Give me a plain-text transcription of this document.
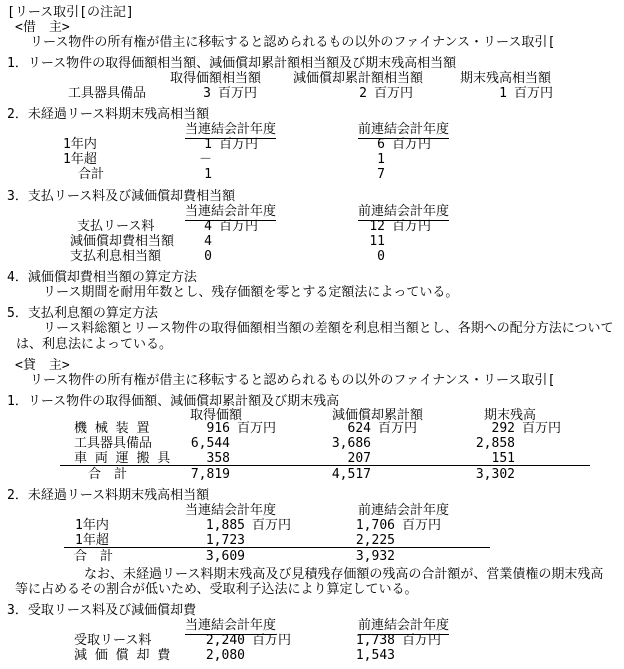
[リース取引[の注記]
<借　主>
リース物件の所有権が借主に移転すると認められるもの以外のファイナンス・リース取引[
1．リース物件の取得価額相当額、減価償却累計額相当額及び期末残高相当額
取得価額相当額 減価償却累計額相当額	期末残高相当額
工具器具備品	3 百万円	2 百万円	1 百万円
2．未経過リース料期末残高相当額
当連結会計年度	前連結会計年度
1年内	1 百万円	6 百万円
1年超	－	1
合計	1	7
3．支払リース料及び減価償却費相当額
当連結会計年度	前連結会計年度
支払リース料	4 百万円	12 百万円
減価償却費相当額	4	11
支払利息相当額	0	0
4．減価償却費相当額の算定方法
リース期間を耐用年数とし、残存価額を零とする定額法によっている。
5．支払利息額の算定方法
リース料総額とリース物件の取得価額相当額の差額を利息相当額とし、各期への配分方法について
は、利息法によっている。
<貸　主>
リース物件の所有権が借主に移転すると認められるもの以外のファイナンス・リース取引[
1．リース物件の取得価額、減価償却累計額及び期末残高
取得価額	減価償却累計額	期末残高
機 械 装 置	916 百万円	624 百万円	292 百万円
工具器具備品	6,544	3,686	2,858
車 両 運 搬 具	358	207	151
合　計	7,819	4,517	3,302
2．未経過リース料期末残高相当額
当連結会計年度	前連結会計年度
1年内	1,885 百万円	1,706 百万円
1年超	1,723	2,225
合　計	3,609	3,932
なお、未経過リース料期末残高及び見積残存価額の残高の合計額が、営業債権の期末残高
等に占めるその割合が低いため、受取利子込法により算定している。
3．受取リース料及び減価償却費
当連結会計年度	前連結会計年度
受取リース料	2,240 百万円	1,738 百万円
減 価 償 却 費	2,080	1,543
